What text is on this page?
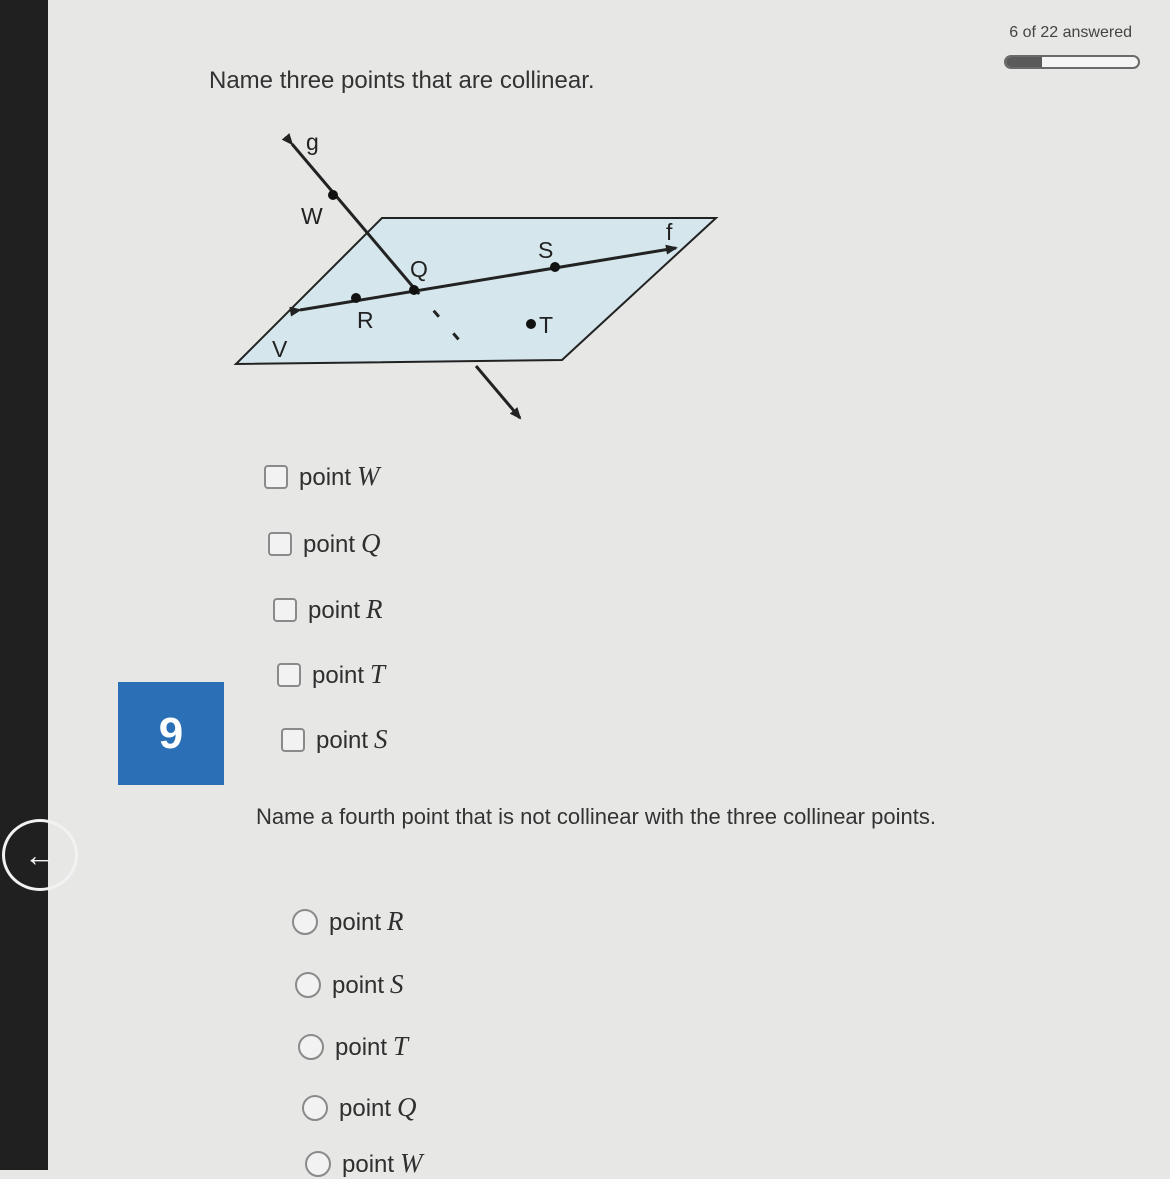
6 of 22 answered
Name three points that are collinear.
g
W
f
S
Q
R	T
V
point W
point Q
point R
point T
point S
9
←
Name a fourth point that is not collinear with the three collinear points.
point R
point S
point T
point Q
point W
